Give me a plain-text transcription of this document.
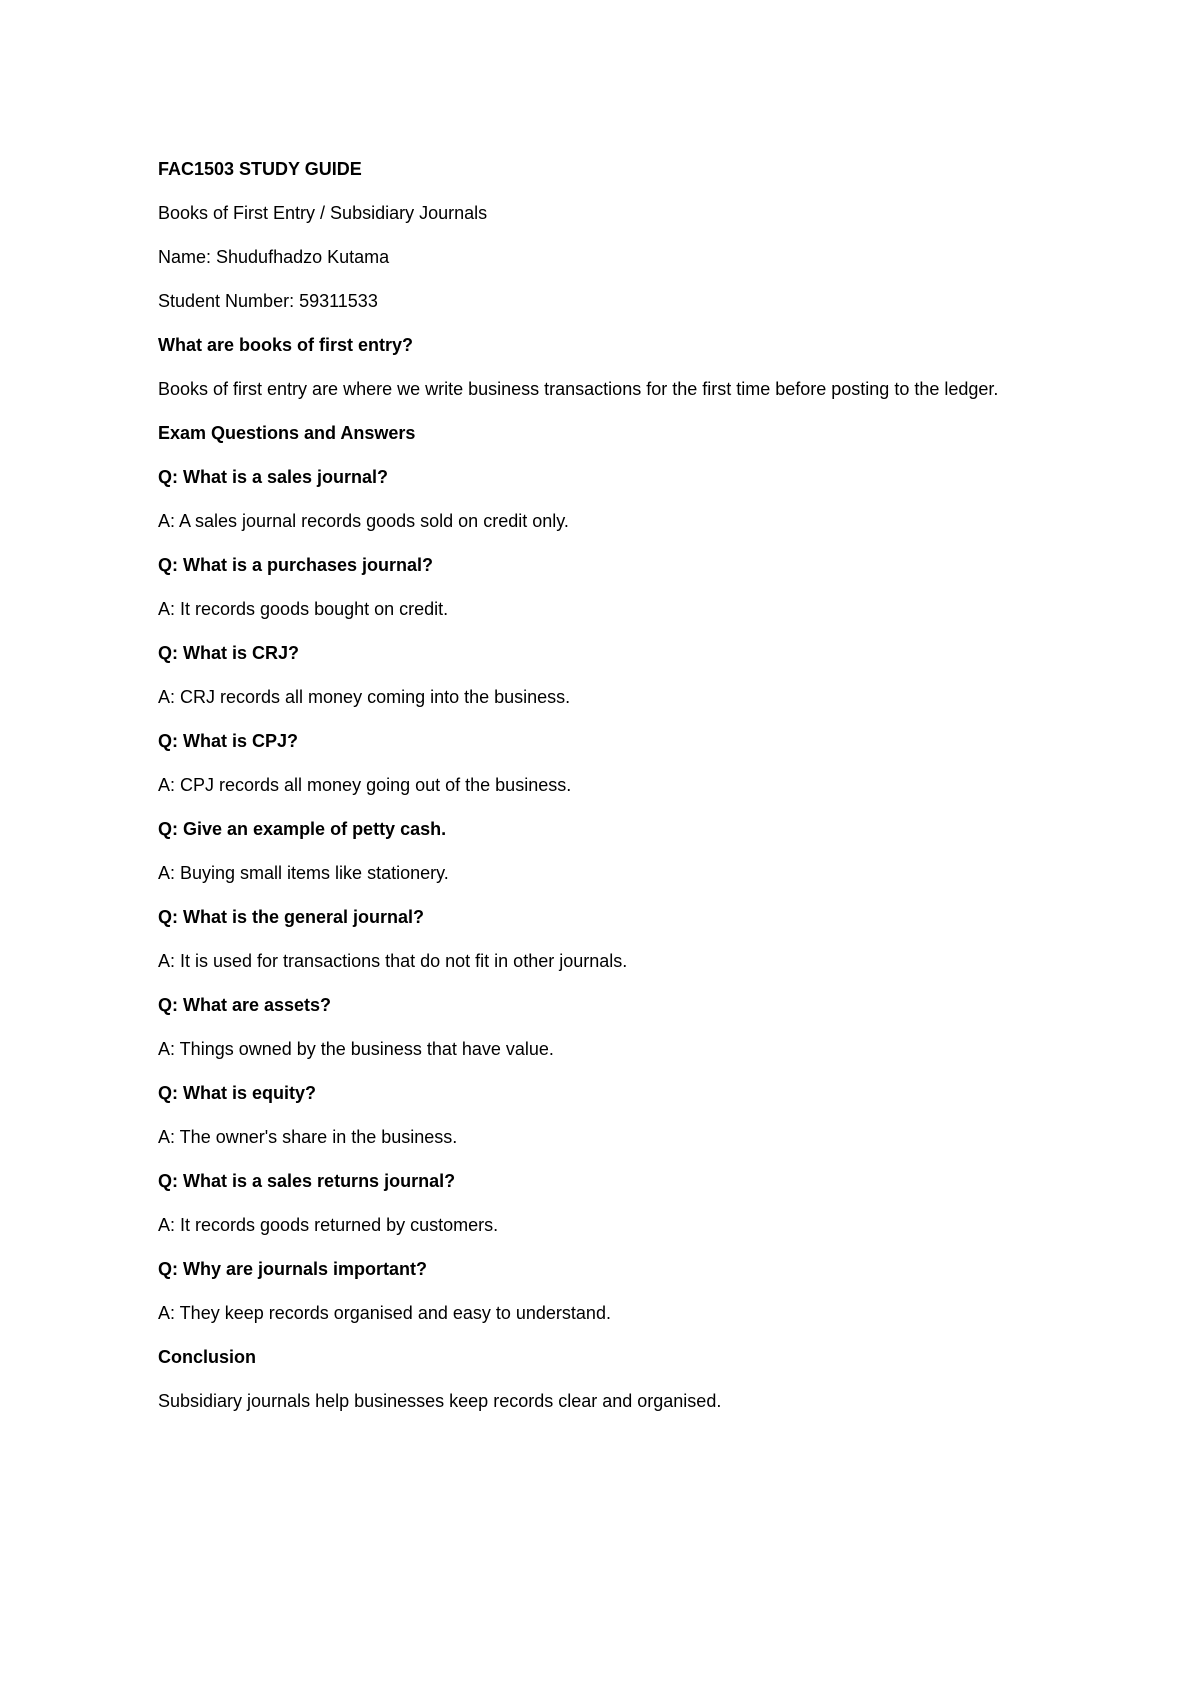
FAC1503 STUDY GUIDE
Books of First Entry / Subsidiary Journals
Name: Shudufhadzo Kutama
Student Number: 59311533
What are books of first entry?
Books of first entry are where we write business transactions for the first time before posting to the ledger.
Exam Questions and Answers
Q: What is a sales journal?
A: A sales journal records goods sold on credit only.
Q: What is a purchases journal?
A: It records goods bought on credit.
Q: What is CRJ?
A: CRJ records all money coming into the business.
Q: What is CPJ?
A: CPJ records all money going out of the business.
Q: Give an example of petty cash.
A: Buying small items like stationery.
Q: What is the general journal?
A: It is used for transactions that do not fit in other journals.
Q: What are assets?
A: Things owned by the business that have value.
Q: What is equity?
A: The owner's share in the business.
Q: What is a sales returns journal?
A: It records goods returned by customers.
Q: Why are journals important?
A: They keep records organised and easy to understand.
Conclusion
Subsidiary journals help businesses keep records clear and organised.
